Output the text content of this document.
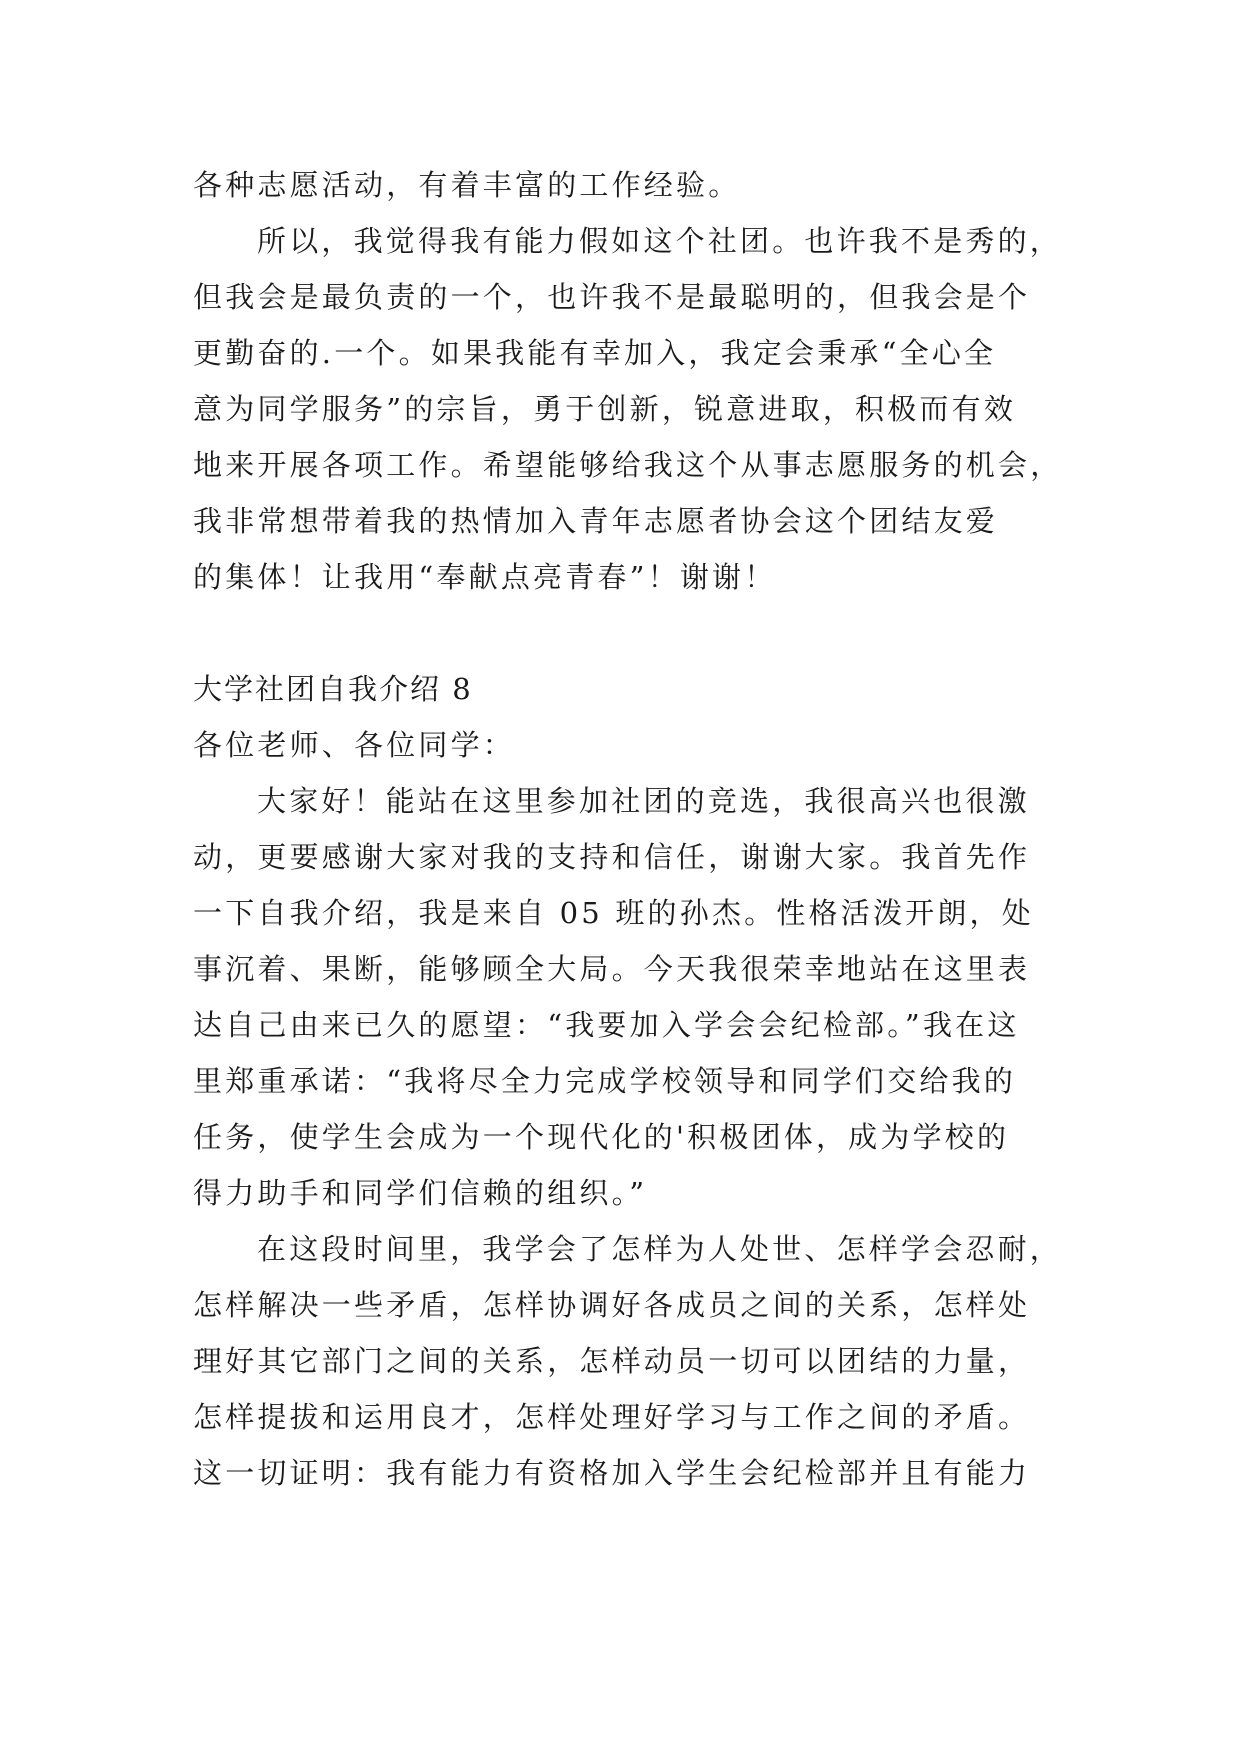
各种志愿活动，有着丰富的工作经验。
所以，我觉得我有能力假如这个社团。也许我不是秀的，
但我会是最负责的一个，也许我不是最聪明的，但我会是个
更勤奋的.一个。如果我能有幸加入，我定会秉承“全心全
意为同学服务”的宗旨，勇于创新，锐意进取，积极而有效
地来开展各项工作。希望能够给我这个从事志愿服务的机会，
我非常想带着我的热情加入青年志愿者协会这个团结友爱
的集体！让我用“奉献点亮青春”！谢谢！
大学社团自我介绍 8
各位老师、各位同学：
大家好！能站在这里参加社团的竞选，我很高兴也很激
动，更要感谢大家对我的支持和信任，谢谢大家。我首先作
一下自我介绍，我是来自 05 班的孙杰。性格活泼开朗，处
事沉着、果断，能够顾全大局。今天我很荣幸地站在这里表
达自己由来已久的愿望：“我要加入学会会纪检部。”我在这
里郑重承诺：“我将尽全力完成学校领导和同学们交给我的
任务，使学生会成为一个现代化的'积极团体，成为学校的
得力助手和同学们信赖的组织。”
在这段时间里，我学会了怎样为人处世、怎样学会忍耐，
怎样解决一些矛盾，怎样协调好各成员之间的关系，怎样处
理好其它部门之间的关系，怎样动员一切可以团结的力量，
怎样提拔和运用良才，怎样处理好学习与工作之间的矛盾。
这一切证明：我有能力有资格加入学生会纪检部并且有能力
